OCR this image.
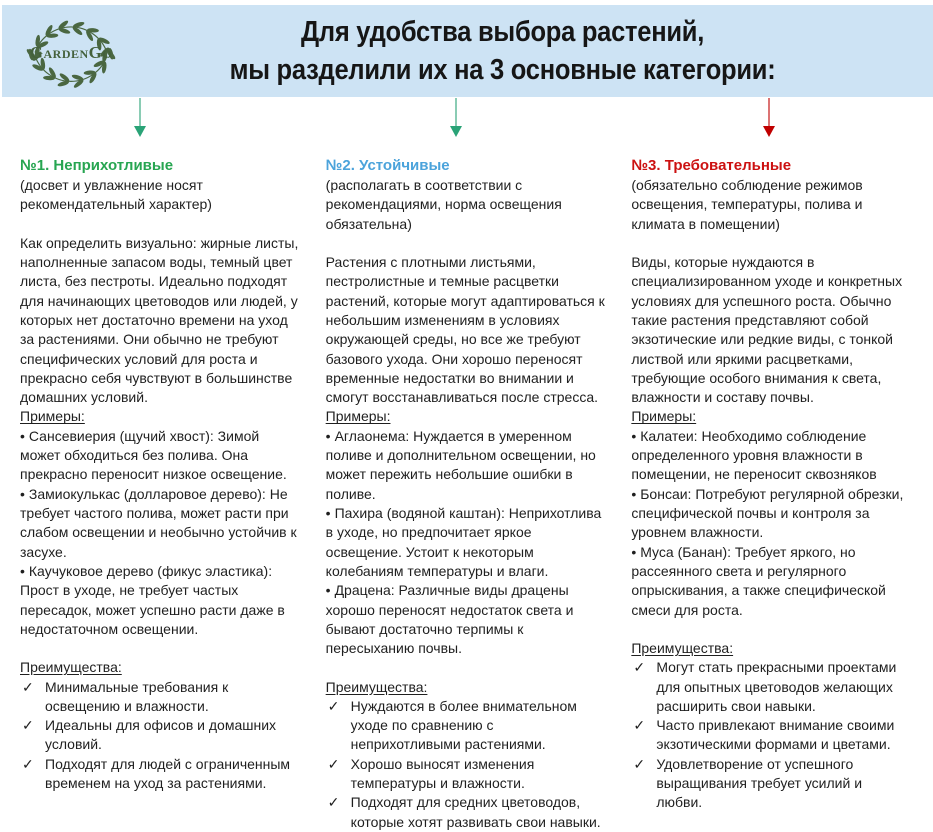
GardenGo
Для удобства выбора растений,
мы разделили их на 3 основные категории:
№1. Неприхотливые
(досвет и увлажнение носят рекомендательный характер)
Как определить визуально: жирные листы, наполненные запасом воды, темный цвет листа, без пестроты. Идеально подходят для начинающих цветоводов или людей, у которых нет достаточно времени на уход за растениями. Они обычно не требуют специфических условий для роста и прекрасно себя чувствуют в большинстве домашних условий.
Примеры:
• Сансевиерия (щучий хвост): Зимой может обходиться без полива. Она прекрасно переносит низкое освещение.
• Замиокулькас (долларовое дерево): Не требует частого полива, может расти при слабом освещении и необычно устойчив к засухе.
• Каучуковое дерево (фикус эластика): Прост в уходе, не требует частых пересадок, может успешно расти даже в недостаточном освещении.
Преимущества:
✓ Минимальные требования к освещению и влажности.
✓ Идеальны для офисов и домашних условий.
✓ Подходят для людей с ограниченным временем на уход за растениями.
№2. Устойчивые
(располагать в соответствии с рекомендациями, норма освещения обязательна)
Растения с плотными листьями, пестролистные и темные расцветки растений, которые могут адаптироваться к небольшим изменениям в условиях окружающей среды, но все же требуют базового ухода. Они хорошо переносят временные недостатки во внимании и смогут восстанавливаться после стресса.
Примеры:
• Аглаонема: Нуждается в умеренном поливе и дополнительном освещении, но может пережить небольшие ошибки в поливе.
• Пахира (водяной каштан): Неприхотлива в уходе, но предпочитает яркое освещение. Устоит к некоторым колебаниям температуры и влаги.
• Драцена: Различные виды драцены хорошо переносят недостаток света и бывают достаточно терпимы к пересыханию почвы.
Преимущества:
✓ Нуждаются в более внимательном уходе по сравнению с неприхотливыми растениями.
✓ Хорошо выносят изменения температуры и влажности.
✓ Подходят для средних цветоводов, которые хотят развивать свои навыки.
№3. Требовательные
(обязательно соблюдение режимов освещения, температуры, полива и климата в помещении)
Виды, которые нуждаются в специализированном уходе и конкретных условиях для успешного роста. Обычно такие растения представляют собой экзотические или редкие виды, с тонкой листвой или яркими расцветками, требующие особого внимания к света, влажности и составу почвы.
Примеры:
• Калатеи: Необходимо соблюдение определенного уровня влажности в помещении, не переносит сквозняков
• Бонсаи: Потребуют регулярной обрезки, специфической почвы и контроля за уровнем влажности.
• Муса (Банан): Требует яркого, но рассеянного света и регулярного опрыскивания, а также специфической смеси для роста.
Преимущества:
✓ Могут стать прекрасными проектами для опытных цветоводов желающих расширить свои навыки.
✓ Часто привлекают внимание своими экзотическими формами и цветами.
✓ Удовлетворение от успешного выращивания требует усилий и любви.
